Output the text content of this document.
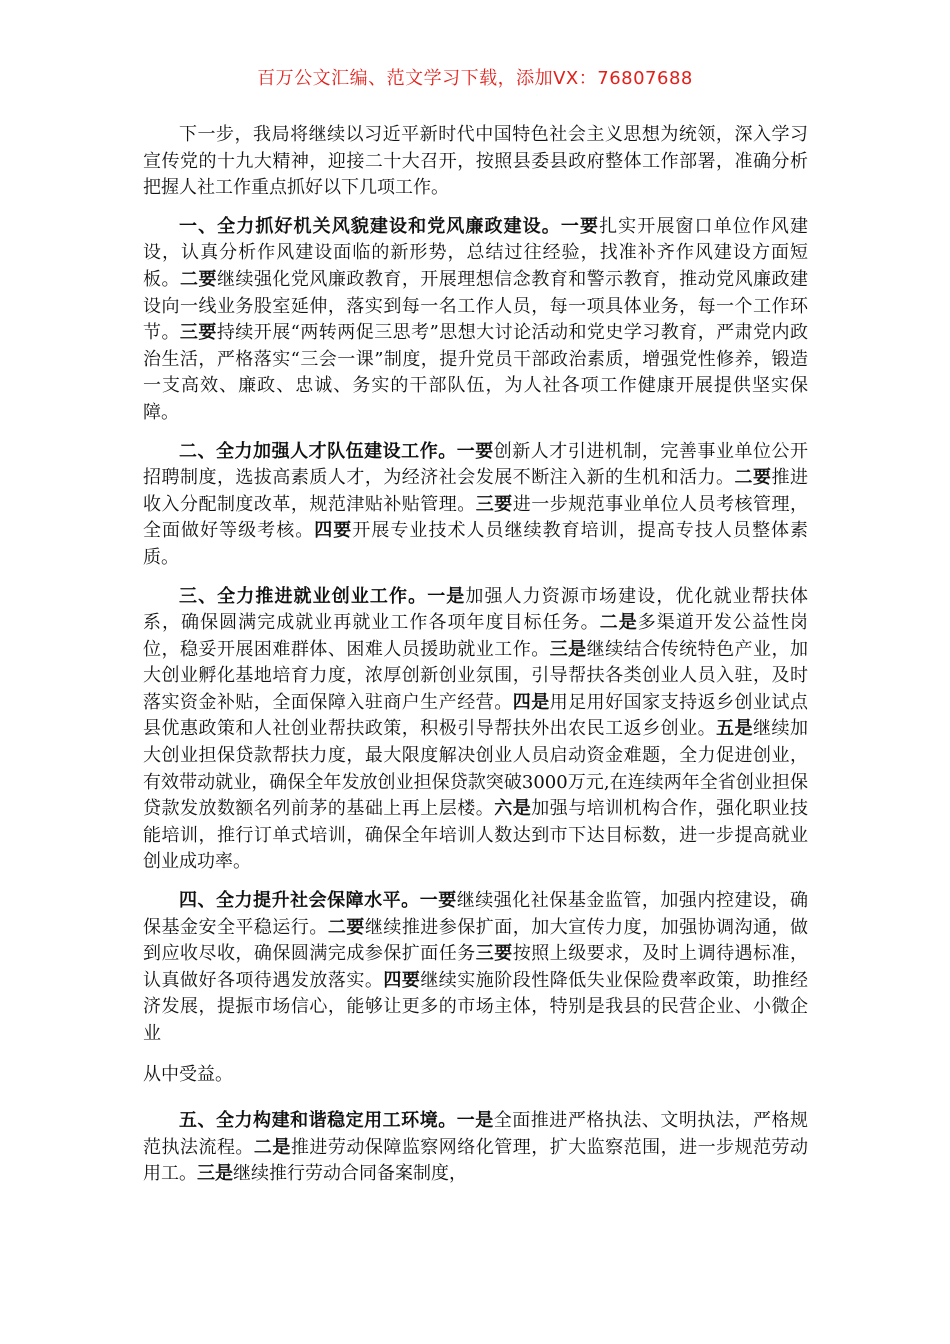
百万公文汇编、范文学习下载，添加VX：76807688

下一步，我局将继续以习近平新时代中国特色社会主义思想为统领，深入学习宣传党的十九大精神，迎接二十大召开，按照县委县政府整体工作部署，准确分析把握人社工作重点抓好以下几项工作。

一、全力抓好机关风貌建设和党风廉政建设。一要扎实开展窗口单位作风建设，认真分析作风建设面临的新形势，总结过往经验，找准补齐作风建设方面短板。二要继续强化党风廉政教育，开展理想信念教育和警示教育，推动党风廉政建设向一线业务股室延伸，落实到每一名工作人员，每一项具体业务，每一个工作环节。三要持续开展“两转两促三思考”思想大讨论活动和党史学习教育，严肃党内政治生活，严格落实“三会一课”制度，提升党员干部政治素质，增强党性修养，锻造一支高效、廉政、忠诚、务实的干部队伍，为人社各项工作健康开展提供坚实保障。

二、全力加强人才队伍建设工作。一要创新人才引进机制，完善事业单位公开招聘制度，选拔高素质人才，为经济社会发展不断注入新的生机和活力。二要推进收入分配制度改革，规范津贴补贴管理。三要进一步规范事业单位人员考核管理，全面做好等级考核。四要开展专业技术人员继续教育培训，提高专技人员整体素质。

三、全力推进就业创业工作。一是加强人力资源市场建设，优化就业帮扶体系，确保圆满完成就业再就业工作各项年度目标任务。二是多渠道开发公益性岗位，稳妥开展困难群体、困难人员援助就业工作。三是继续结合传统特色产业，加大创业孵化基地培育力度，浓厚创新创业氛围，引导帮扶各类创业人员入驻，及时落实资金补贴，全面保障入驻商户生产经营。四是用足用好国家支持返乡创业试点县优惠政策和人社创业帮扶政策，积极引导帮扶外出农民工返乡创业。五是继续加大创业担保贷款帮扶力度，最大限度解决创业人员启动资金难题，全力促进创业，有效带动就业，确保全年发放创业担保贷款突破3000万元,在连续两年全省创业担保贷款发放数额名列前茅的基础上再上层楼。六是加强与培训机构合作，强化职业技能培训，推行订单式培训，确保全年培训人数达到市下达目标数，进一步提高就业创业成功率。

四、全力提升社会保障水平。一要继续强化社保基金监管，加强内控建设，确保基金安全平稳运行。二要继续推进参保扩面，加大宣传力度，加强协调沟通，做到应收尽收，确保圆满完成参保扩面任务三要按照上级要求，及时上调待遇标准，认真做好各项待遇发放落实。四要继续实施阶段性降低失业保险费率政策，助推经济发展，提振市场信心，能够让更多的市场主体，特别是我县的民营企业、小微企业
从中受益。

五、全力构建和谐稳定用工环境。一是全面推进严格执法、文明执法，严格规范执法流程。二是推进劳动保障监察网络化管理，扩大监察范围，进一步规范劳动用工。三是继续推行劳动合同备案制度，
